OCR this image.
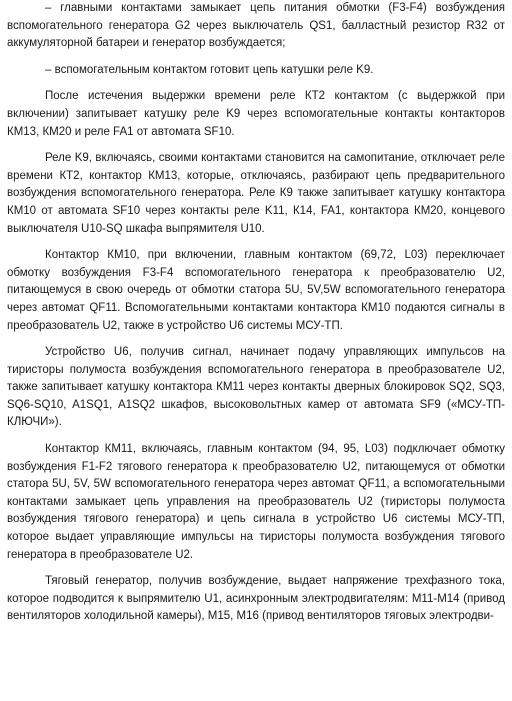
– главными контактами замыкает цепь питания обмотки (F3-F4) возбуждения вспомогательного генератора G2 через выключатель QS1, балластный резистор R32 от аккумуляторной батареи и генератор возбуждается;

– вспомогательным контактом готовит цепь катушки реле K9.

После истечения выдержки времени реле КТ2 контактом (с выдержкой при включении) запитывает катушку реле K9 через вспомогательные контакты контакторов КМ13, КМ20 и реле FA1 от автомата SF10.

Реле K9, включаясь, своими контактами становится на самопитание, отключает реле времени КТ2, контактор КМ13, которые, отключаясь, разбирают цепь предварительного возбуждения вспомогательного генератора. Реле К9 также запитывает катушку контактора КМ10 от автомата SF10 через контакты реле K11, К14, FA1, контактора КМ20, концевого выключателя U10-SQ шкафа выпрямителя U10.

Контактор КМ10, при включении, главным контактом (69,72, L03) переключает обмотку возбуждения F3-F4 вспомогательного генератора к преобразователю U2, питающемуся в свою очередь от обмотки статора 5U, 5V,5W вспомогательного генератора через автомат QF11. Вспомогательными контактами контактора КМ10 подаются сигналы в преобразователь U2, также в устройство U6 системы МСУ-ТП.

Устройство U6, получив сигнал, начинает подачу управляющих импульсов на тиристоры полумоста возбуждения вспомогательного генератора в преобразователе U2, также запитывает катушку контактора КМ11 через контакты дверных блокировок SQ2, SQ3, SQ6-SQ10, A1SQ1, A1SQ2 шкафов, высоковольтных камер от автомата SF9 («МСУ-ТП-КЛЮЧИ»).

Контактор КМ11, включаясь, главным контактом (94, 95, L03) подключает обмотку возбуждения F1-F2 тягового генератора к преобразователю U2, питающемуся от обмотки статора 5U, 5V, 5W вспомогательного генератора через автомат QF11, а вспомогательными контактами замыкает цепь управления на преобразователь U2 (тиристоры полумоста возбуждения тягового генератора) и цепь сигнала в устройство U6 системы МСУ-ТП, которое выдает управляющие импульсы на тиристоры полумоста возбуждения тягового генератора в преобразователе U2.

Тяговый генератор, получив возбуждение, выдает напряжение трехфазного тока, которое подводится к выпрямителю U1, асинхронным электродвигателям: М11-М14 (привод вентиляторов холодильной камеры), М15, М16 (привод вентиляторов тяговых электродви-
